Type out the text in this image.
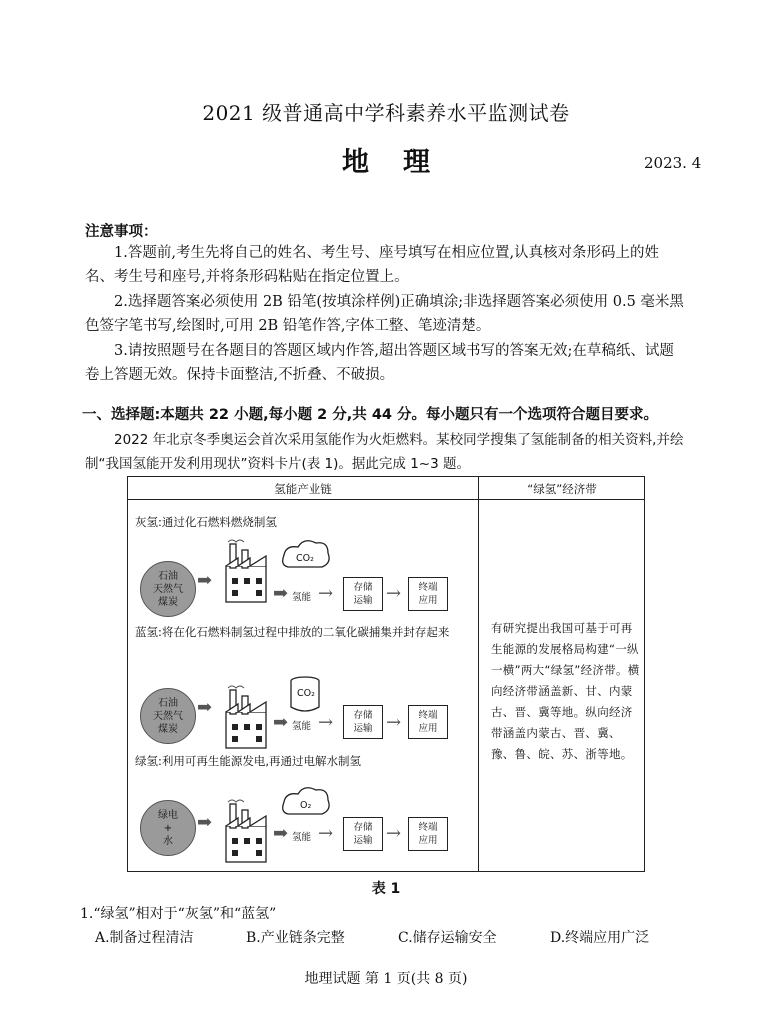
2021 级普通高中学科素养水平监测试卷
地理	2023. 4
注意事项：
1.答题前,考生先将自己的姓名、考生号、座号填写在相应位置,认真核对条形码上的姓名、考生号和座号,并将条形码粘贴在指定位置上。
2.选择题答案必须使用 2B 铅笔(按填涂样例)正确填涂;非选择题答案必须使用 0.5 毫米黑色签字笔书写,绘图时,可用 2B 铅笔作答,字体工整、笔迹清楚。
3.请按照题号在各题目的答题区域内作答,超出答题区域书写的答案无效;在草稿纸、试题卷上答题无效。保持卡面整洁,不折叠、不破损。
一、选择题:本题共 22 小题,每小题 2 分,共 44 分。每小题只有一个选项符合题目要求。
2022 年北京冬季奥运会首次采用氢能作为火炬燃料。某校同学搜集了氢能制备的相关资料,并绘制“我国氢能开发利用现状”资料卡片(表 1)。据此完成 1~3 题。
氢能产业链	“绿氢”经济带
灰氢:通过化石燃料燃烧制氢
石油
天然气
煤炭
➡
CO₂
➡ 氢能 →	存储
运输 →	终端
应用
蓝氢:将在化石燃料制氢过程中排放的二氧化碳捕集并封存起来
石油
天然气
煤炭
➡
CO₂
➡ 氢能 →	存储
运输 →	终端
应用
绿氢:利用可再生能源发电,再通过电解水制氢
绿电
+
水
➡
O₂
➡ 氢能 →	存储
运输 →	终端
应用
有研究提出我国可基于可再生能源的发展格局构建“一纵一横”两大“绿氢”经济带。横向经济带涵盖新、甘、内蒙古、晋、冀等地。纵向经济带涵盖内蒙古、晋、冀、豫、鲁、皖、苏、浙等地。
表 1
1.“绿氢”相对于“灰氢”和“蓝氢”
A.制备过程清洁	B.产业链条完整	C.储存运输安全	D.终端应用广泛
地理试题 第 1 页(共 8 页)
